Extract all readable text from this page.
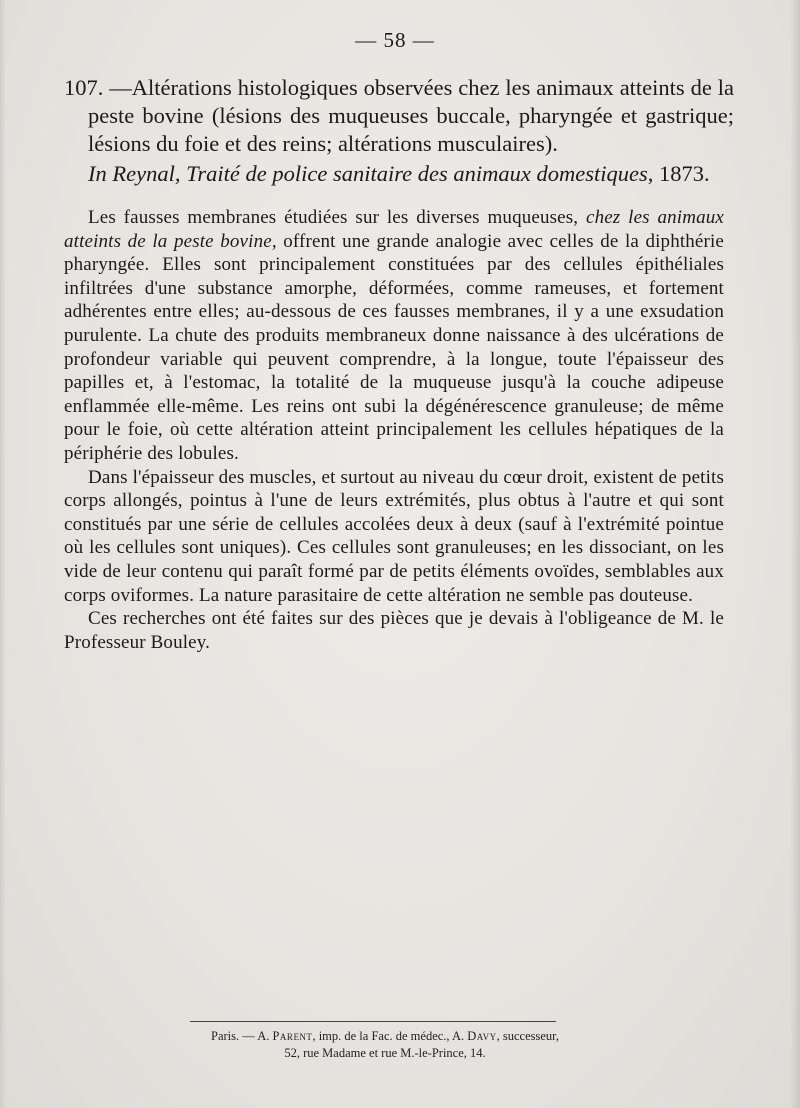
— 58 —

107. —Altérations histologiques observées chez les animaux atteints de la peste bovine (lésions des muqueuses buccale, pharyngée et gastrique; lésions du foie et des reins; altérations musculaires).

In Reynal, Traité de police sanitaire des animaux domestiques, 1873.

Les fausses membranes étudiées sur les diverses muqueuses, chez les animaux atteints de la peste bovine, offrent une grande analogie avec celles de la diphthérie pharyngée. Elles sont principalement constituées par des cellules épithéliales infiltrées d'une substance amorphe, déformées, comme rameuses, et fortement adhérentes entre elles; au-dessous de ces fausses membranes, il y a une exsudation purulente. La chute des produits membraneux donne naissance à des ulcérations de profondeur variable qui peuvent comprendre, à la longue, toute l'épaisseur des papilles et, à l'estomac, la totalité de la muqueuse jusqu'à la couche adipeuse enflammée elle-même. Les reins ont subi la dégénérescence granuleuse; de même pour le foie, où cette altération atteint principalement les cellules hépatiques de la périphérie des lobules.

Dans l'épaisseur des muscles, et surtout au niveau du cœur droit, existent de petits corps allongés, pointus à l'une de leurs extrémités, plus obtus à l'autre et qui sont constitués par une série de cellules accolées deux à deux (sauf à l'extrémité pointue où les cellules sont uniques). Ces cellules sont granuleuses; en les dissociant, on les vide de leur contenu qui paraît formé par de petits éléments ovoïdes, semblables aux corps oviformes. La nature parasitaire de cette altération ne semble pas douteuse.

Ces recherches ont été faites sur des pièces que je devais à l'obligeance de M. le Professeur Bouley.

Paris. — A. Parent, imp. de la Fac. de médec., A. Davy, successeur,
52, rue Madame et rue M.-le-Prince, 14.
